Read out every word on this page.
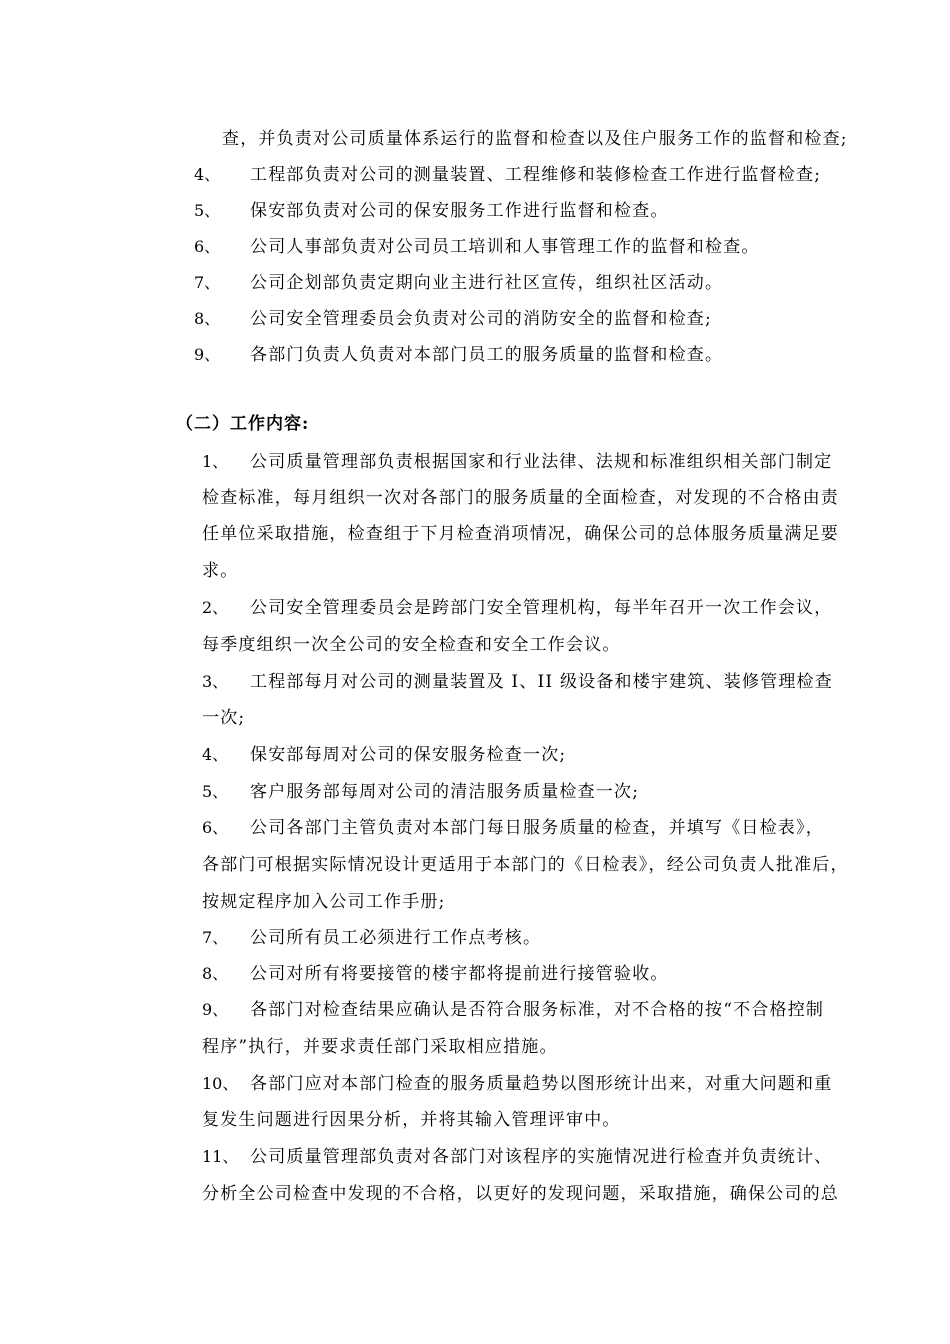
查，并负责对公司质量体系运行的监督和检查以及住户服务工作的监督和检查;
4、 工程部负责对公司的测量装置、工程维修和装修检查工作进行监督检查;
5、 保安部负责对公司的保安服务工作进行监督和检查。
6、 公司人事部负责对公司员工培训和人事管理工作的监督和检查。
7、 公司企划部负责定期向业主进行社区宣传，组织社区活动。
8、 公司安全管理委员会负责对公司的消防安全的监督和检查;
9、 各部门负责人负责对本部门员工的服务质量的监督和检查。
（二）工作内容:
1、 公司质量管理部负责根据国家和行业法律、法规和标准组织相关部门制定
检查标准，每月组织一次对各部门的服务质量的全面检查，对发现的不合格由责
任单位采取措施，检查组于下月检查消项情况，确保公司的总体服务质量满足要
求。
2、 公司安全管理委员会是跨部门安全管理机构，每半年召开一次工作会议，
每季度组织一次全公司的安全检查和安全工作会议。
3、 工程部每月对公司的测量装置及 I、II 级设备和楼宇建筑、装修管理检查
一次;
4、 保安部每周对公司的保安服务检查一次;
5、 客户服务部每周对公司的清洁服务质量检查一次;
6、 公司各部门主管负责对本部门每日服务质量的检查，并填写《日检表》，
各部门可根据实际情况设计更适用于本部门的《日检表》，经公司负责人批准后，
按规定程序加入公司工作手册;
7、 公司所有员工必须进行工作点考核。
8、 公司对所有将要接管的楼宇都将提前进行接管验收。
9、 各部门对检查结果应确认是否符合服务标准，对不合格的按“不合格控制
程序”执行，并要求责任部门采取相应措施。
10、 各部门应对本部门检查的服务质量趋势以图形统计出来，对重大问题和重
复发生问题进行因果分析，并将其输入管理评审中。
11、 公司质量管理部负责对各部门对该程序的实施情况进行检查并负责统计、
分析全公司检查中发现的不合格，以更好的发现问题，采取措施，确保公司的总
